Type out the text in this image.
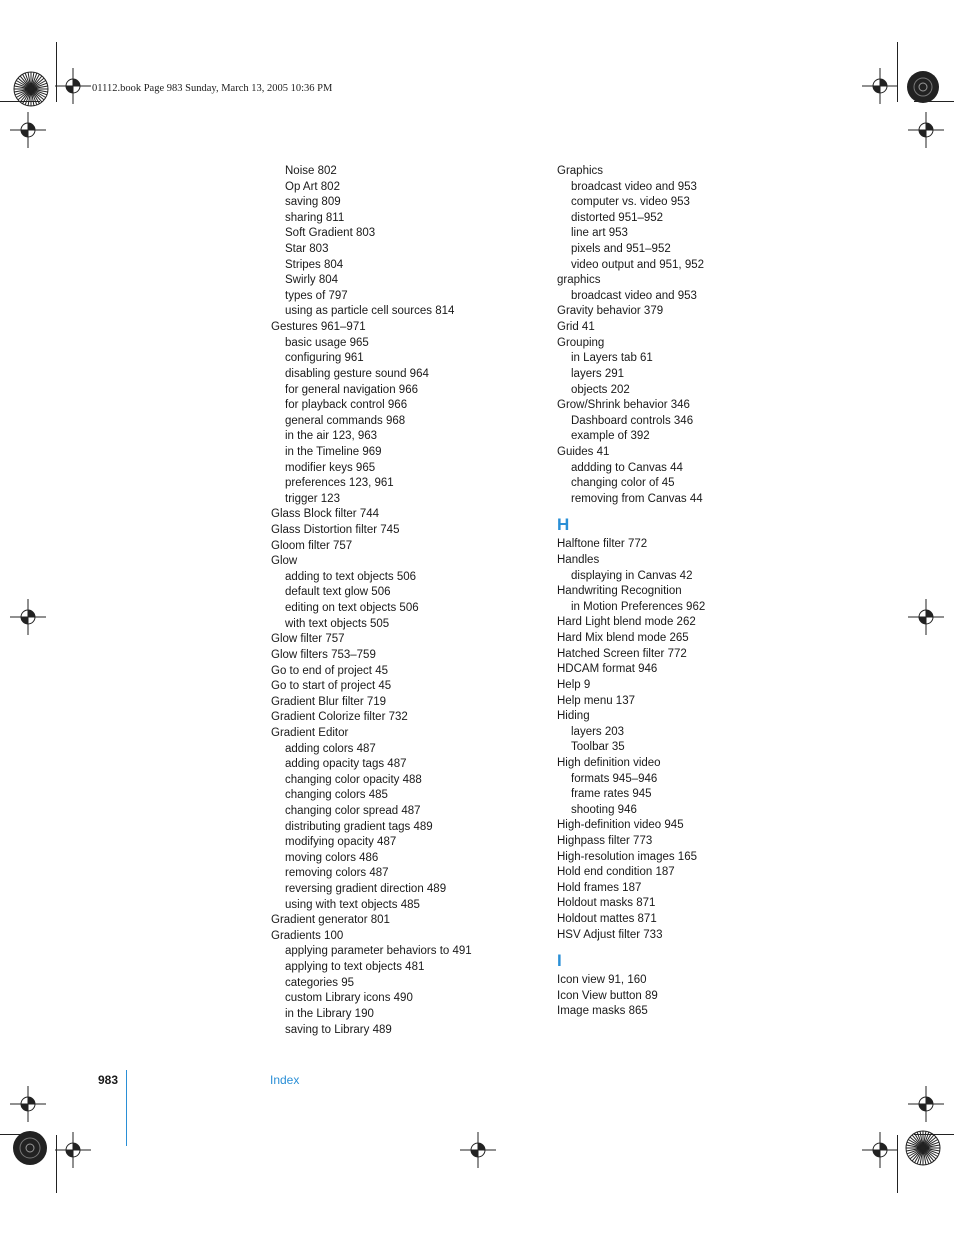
01112.book Page 983 Sunday, March 13, 2005 10:36 PM
Noise 802
Op Art 802
saving 809
sharing 811
Soft Gradient 803
Star 803
Stripes 804
Swirly 804
types of 797
using as particle cell sources 814
Gestures 961–971
basic usage 965
configuring 961
disabling gesture sound 964
for general navigation 966
for playback control 966
general commands 968
in the air 123, 963
in the Timeline 969
modifier keys 965
preferences 123, 961
trigger 123
Glass Block filter 744
Glass Distortion filter 745
Gloom filter 757
Glow
adding to text objects 506
default text glow 506
editing on text objects 506
with text objects 505
Glow filter 757
Glow filters 753–759
Go to end of project 45
Go to start of project 45
Gradient Blur filter 719
Gradient Colorize filter 732
Gradient Editor
adding colors 487
adding opacity tags 487
changing color opacity 488
changing colors 485
changing color spread 487
distributing gradient tags 489
modifying opacity 487
moving colors 486
removing colors 487
reversing gradient direction 489
using with text objects 485
Gradient generator 801
Gradients 100
applying parameter behaviors to 491
applying to text objects 481
categories 95
custom Library icons 490
in the Library 190
saving to Library 489
Graphics
broadcast video and 953
computer vs. video 953
distorted 951–952
line art 953
pixels and 951–952
video output and 951, 952
graphics
broadcast video and 953
Gravity behavior 379
Grid 41
Grouping
in Layers tab 61
layers 291
objects 202
Grow/Shrink behavior 346
Dashboard controls 346
example of 392
Guides 41
addding to Canvas 44
changing color of 45
removing from Canvas 44
H
Halftone filter 772
Handles
displaying in Canvas 42
Handwriting Recognition
in Motion Preferences 962
Hard Light blend mode 262
Hard Mix blend mode 265
Hatched Screen filter 772
HDCAM format 946
Help 9
Help menu 137
Hiding
layers 203
Toolbar 35
High definition video
formats 945–946
frame rates 945
shooting 946
High-definition video 945
Highpass filter 773
High-resolution images 165
Hold end condition 187
Hold frames 187
Holdout masks 871
Holdout mattes 871
HSV Adjust filter 733
I
Icon view 91, 160
Icon View button 89
Image masks 865
983	Index
